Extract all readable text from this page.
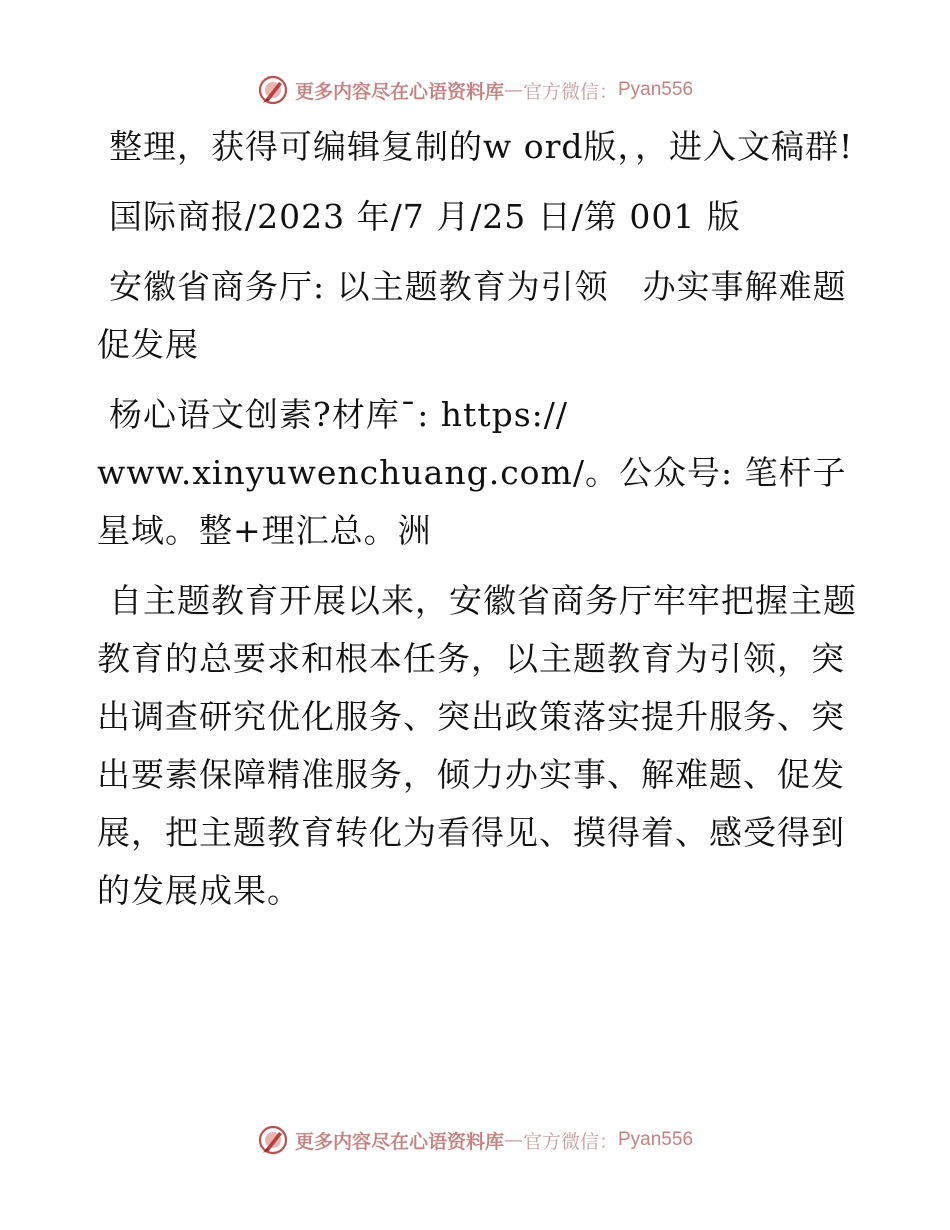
更多内容尽在心语资料库 — 官方微信： Pyan556

整理，获得可编辑复制的w ord版，，进入文稿群!

国际商报/2023 年/7 月/25 日/第 001 版

安徽省商务厅: 以主题教育为引领　办实事解难题促发展

杨心语文创素?材库¯: https://
www.xinyuwenchuang.com/。公众号: 笔杆子星域。整+理汇总。洲

自主题教育开展以来，安徽省商务厅牢牢把握主题教育的总要求和根本任务，以主题教育为引领，突出调查研究优化服务、突出政策落实提升服务、突出要素保障精准服务，倾力办实事、解难题、促发展，把主题教育转化为看得见、摸得着、感受得到的发展成果。

更多内容尽在心语资料库 — 官方微信： Pyan556
